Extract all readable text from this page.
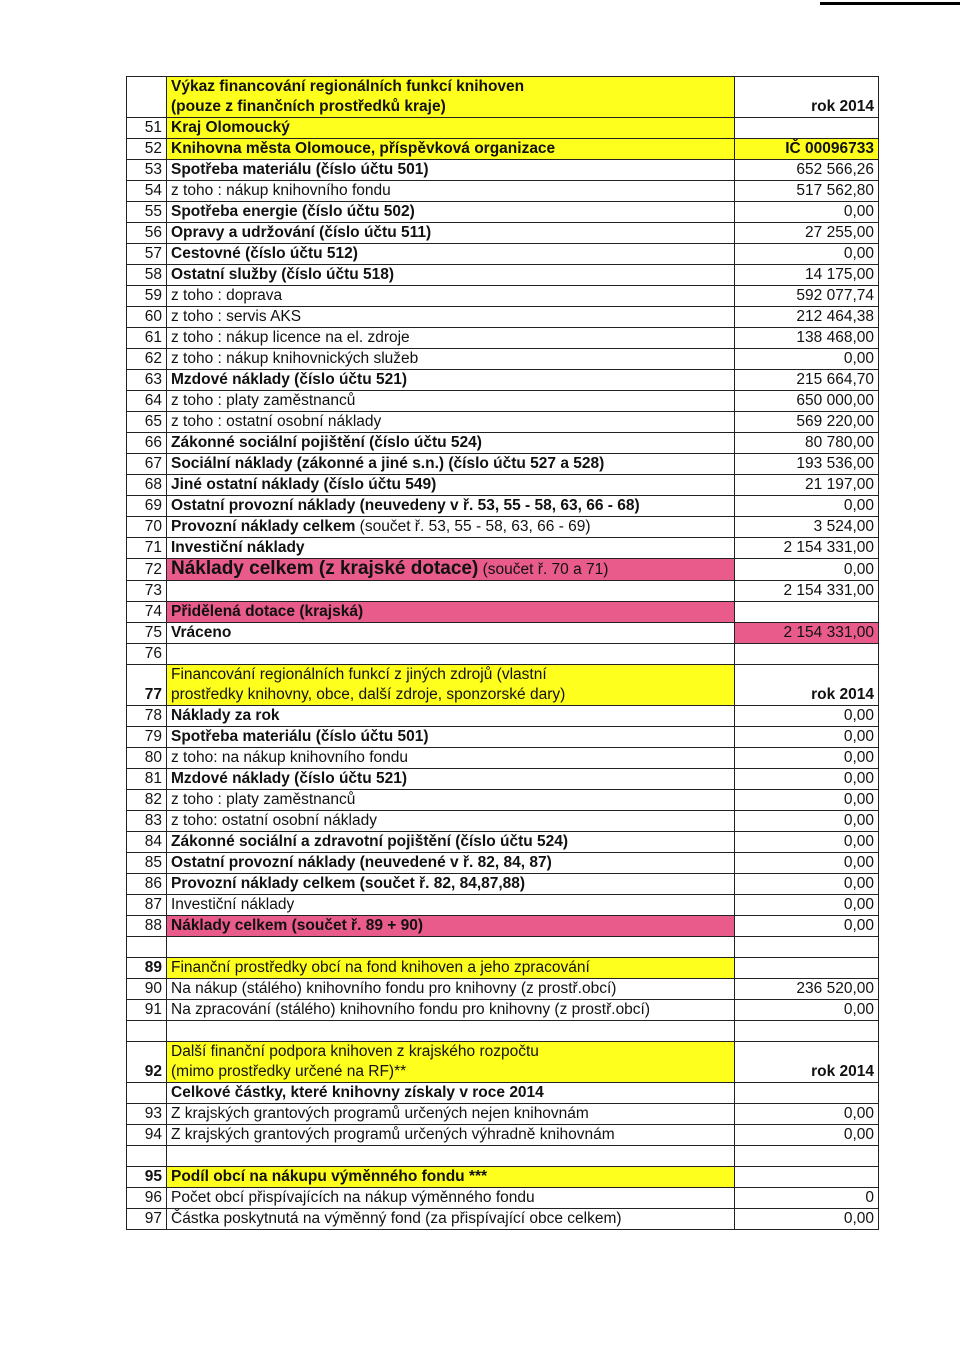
	Výkaz financování regionálních funkcí knihoven
(pouze z finančních prostředků kraje)	rok 2014
51	Kraj Olomoucký	
52	Knihovna města Olomouce, příspěvková organizace	IČ 00096733
53	Spotřeba materiálu (číslo účtu 501)	652 566,26
54	z toho : nákup knihovního fondu	517 562,80
55	Spotřeba energie (číslo účtu 502)	0,00
56	Opravy a udržování (číslo účtu 511)	27 255,00
57	Cestovné (číslo účtu 512)	0,00
58	Ostatní služby (číslo účtu 518)	14 175,00
59	z toho : doprava	592 077,74
60	z toho : servis AKS	212 464,38
61	z toho : nákup licence na el. zdroje	138 468,00
62	z toho : nákup knihovnických služeb	0,00
63	Mzdové náklady (číslo účtu 521)	215 664,70
64	z toho : platy zaměstnanců	650 000,00
65	z toho : ostatní osobní náklady	569 220,00
66	Zákonné sociální pojištění (číslo účtu 524)	80 780,00
67	Sociální náklady (zákonné a jiné s.n.) (číslo účtu 527 a 528)	193 536,00
68	Jiné ostatní náklady (číslo účtu 549)	21 197,00
69	Ostatní provozní náklady (neuvedeny v ř. 53, 55 - 58, 63, 66 - 68)	0,00
70	Provozní náklady celkem (součet ř. 53, 55 - 58, 63, 66 - 69)	3 524,00
71	Investiční náklady	2 154 331,00
72	Náklady celkem (z krajské dotace) (součet ř. 70 a 71)	0,00
73		2 154 331,00
74	Přidělená dotace (krajská)	
75	Vráceno	2 154 331,00
76		
77	Financování regionálních funkcí z jiných zdrojů (vlastní
prostředky knihovny, obce, další zdroje, sponzorské dary)	rok 2014
78	Náklady za rok	0,00
79	Spotřeba materiálu (číslo účtu 501)	0,00
80	z toho: na nákup knihovního fondu	0,00
81	Mzdové náklady (číslo účtu 521)	0,00
82	z toho : platy zaměstnanců	0,00
83	z toho: ostatní osobní náklady	0,00
84	Zákonné sociální a zdravotní pojištění (číslo účtu 524)	0,00
85	Ostatní provozní náklady (neuvedené v ř. 82, 84, 87)	0,00
86	Provozní náklady celkem (součet ř. 82, 84,87,88)	0,00
87	Investiční náklady	0,00
88	Náklady celkem (součet ř. 89 + 90)	0,00

89	Finanční prostředky obcí na fond knihoven a jeho zpracování	
90	Na nákup (stálého) knihovního fondu pro knihovny (z prostř.obcí)	236 520,00
91	Na zpracování (stálého) knihovního fondu pro knihovny (z prostř.obcí)	0,00

92	Další finanční podpora knihoven z krajského rozpočtu
(mimo prostředky určené na RF)**	rok 2014
	Celkové částky, které knihovny získaly v roce 2014	
93	Z krajských grantových programů určených nejen knihovnám	0,00
94	Z krajských grantových programů určených výhradně knihovnám	0,00

95	Podíl obcí na nákupu výměnného fondu ***	
96	Počet obcí přispívajících na nákup výměnného fondu	0
97	Částka poskytnutá na výměnný fond (za přispívající obce celkem)	0,00
